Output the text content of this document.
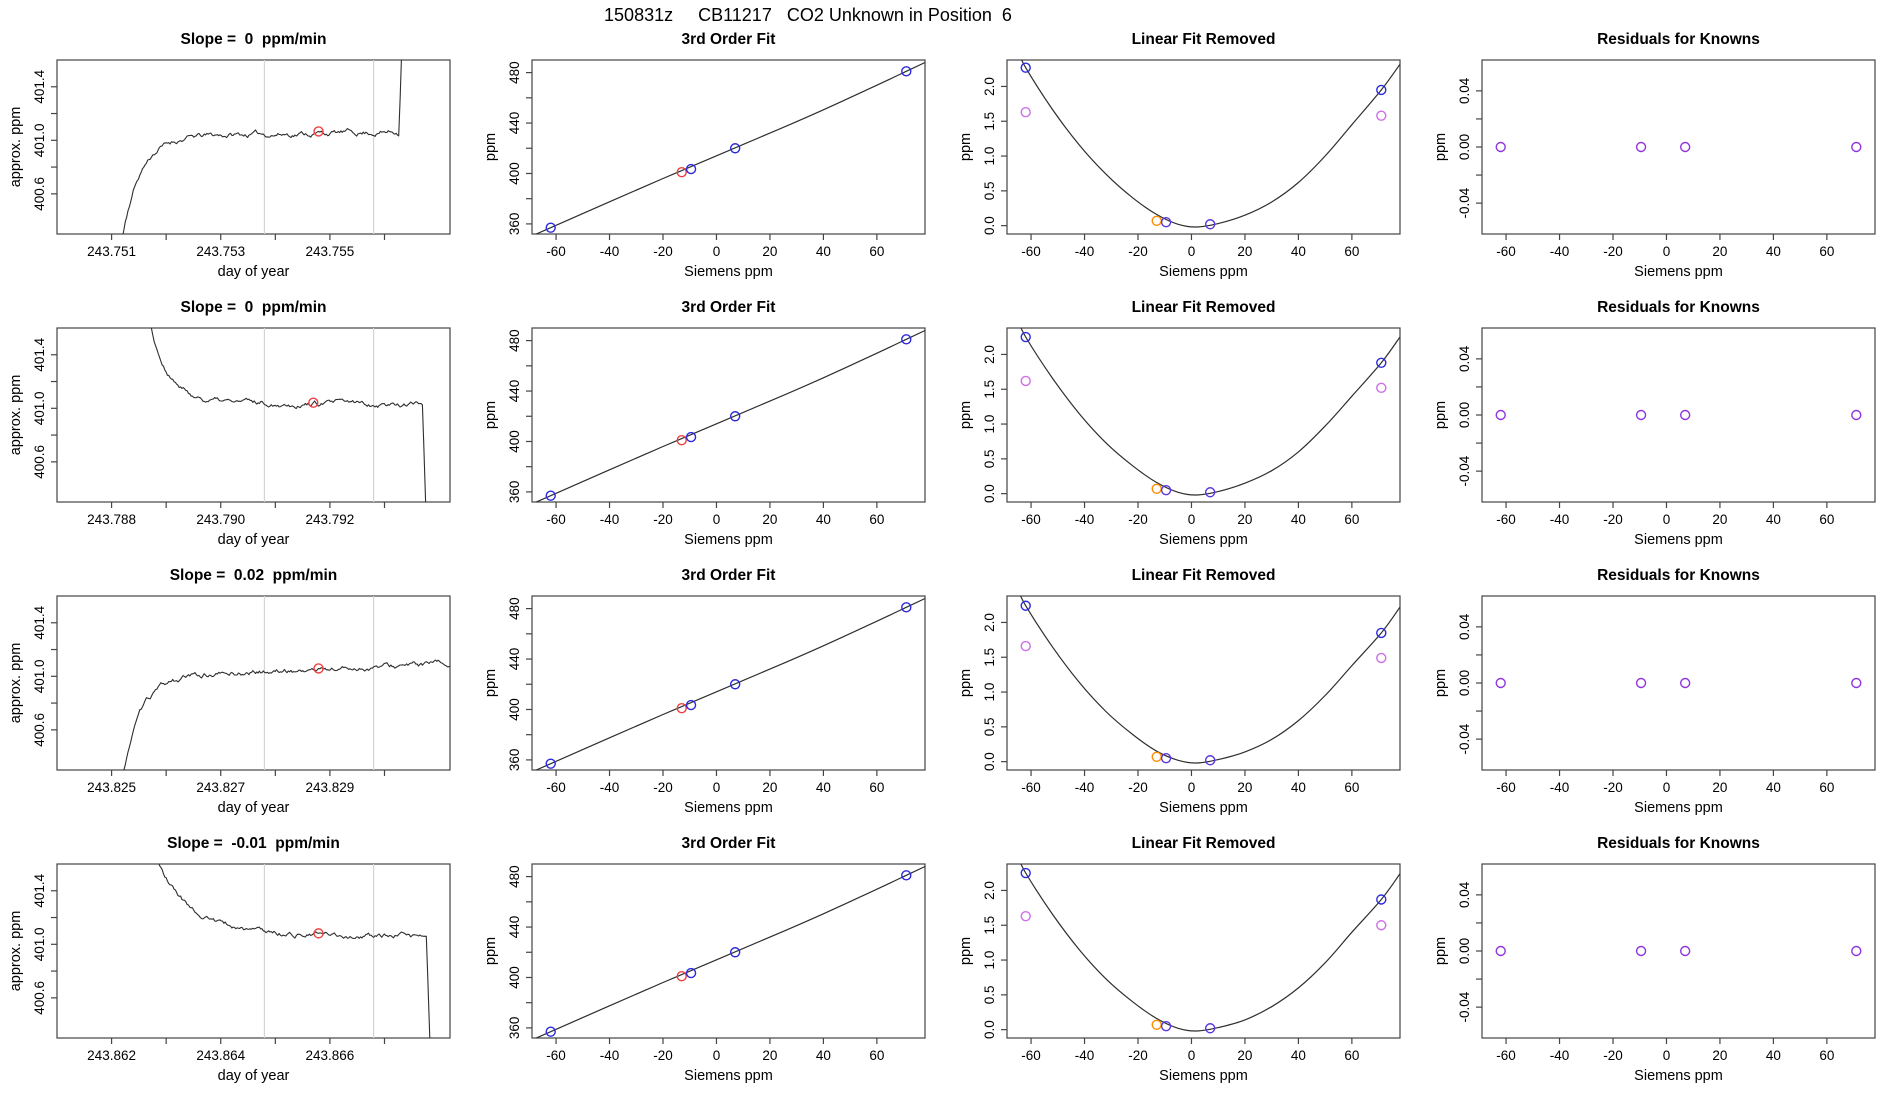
150831z     CB11217   CO2 Unknown in Position  6
Slope =  0  ppm/min
243.751	243.753	243.755
400.6
401.0
401.4
day of year
approx. ppm
3rd Order Fit
-60	-40	-20	0	20	40	60
360
400
440
480
Siemens ppm
ppm
Linear Fit Removed
-60	-40	-20	0	20	40	60
0.0
0.5
1.0
1.5
2.0
Siemens ppm
ppm
Residuals for Knowns
-60	-40	-20	0	20	40	60
-0.04
0.00
0.04
Siemens ppm
ppm
Slope =  0  ppm/min
243.788	243.790	243.792
400.6
401.0
401.4
day of year
approx. ppm
3rd Order Fit
-60	-40	-20	0	20	40	60
360
400
440
480
Siemens ppm
ppm
Linear Fit Removed
-60	-40	-20	0	20	40	60
0.0
0.5
1.0
1.5
2.0
Siemens ppm
ppm
Residuals for Knowns
-60	-40	-20	0	20	40	60
-0.04
0.00
0.04
Siemens ppm
ppm
Slope =  0.02  ppm/min
243.825	243.827	243.829
400.6
401.0
401.4
day of year
approx. ppm
3rd Order Fit
-60	-40	-20	0	20	40	60
360
400
440
480
Siemens ppm
ppm
Linear Fit Removed
-60	-40	-20	0	20	40	60
0.0
0.5
1.0
1.5
2.0
Siemens ppm
ppm
Residuals for Knowns
-60	-40	-20	0	20	40	60
-0.04
0.00
0.04
Siemens ppm
ppm
Slope =  -0.01  ppm/min
243.862	243.864	243.866
400.6
401.0
401.4
day of year
approx. ppm
3rd Order Fit
-60	-40	-20	0	20	40	60
360
400
440
480
Siemens ppm
ppm
Linear Fit Removed
-60	-40	-20	0	20	40	60
0.0
0.5
1.0
1.5
2.0
Siemens ppm
ppm
Residuals for Knowns
-60	-40	-20	0	20	40	60
-0.04
0.00
0.04
Siemens ppm
ppm
